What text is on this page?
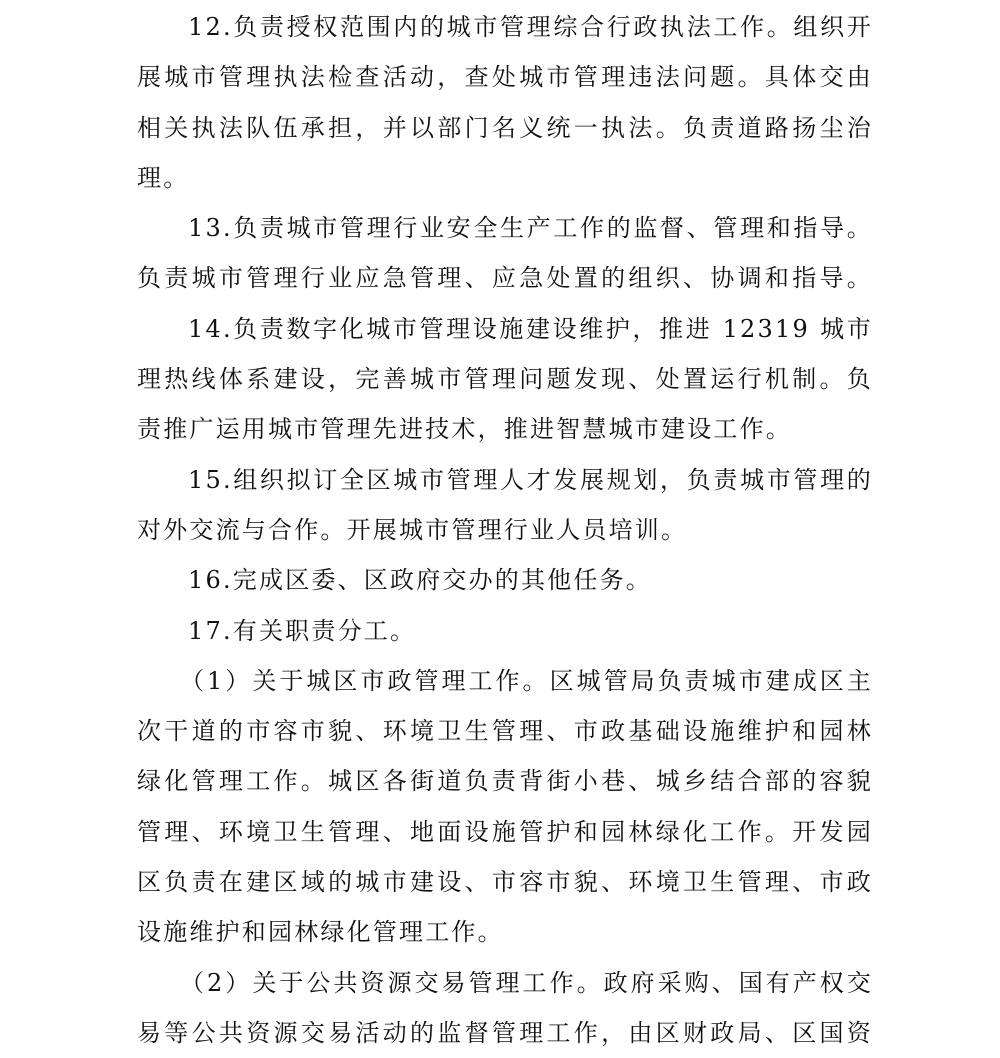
12.负责授权范围内的城市管理综合行政执法工作。组织开
展城市管理执法检查活动，查处城市管理违法问题。具体交由
相关执法队伍承担，并以部门名义统一执法。负责道路扬尘治
理。
13.负责城市管理行业安全生产工作的监督、管理和指导。
负责城市管理行业应急管理、应急处置的组织、协调和指导。
14.负责数字化城市管理设施建设维护，推进 12319 城市
理热线体系建设，完善城市管理问题发现、处置运行机制。负
责推广运用城市管理先进技术，推进智慧城市建设工作。
15.组织拟订全区城市管理人才发展规划，负责城市管理的
对外交流与合作。开展城市管理行业人员培训。
16.完成区委、区政府交办的其他任务。
17.有关职责分工。
（1）关于城区市政管理工作。区城管局负责城市建成区主
次干道的市容市貌、环境卫生管理、市政基础设施维护和园林
绿化管理工作。城区各街道负责背街小巷、城乡结合部的容貌
管理、环境卫生管理、地面设施管护和园林绿化工作。开发园
区负责在建区域的城市建设、市容市貌、环境卫生管理、市政
设施维护和园林绿化管理工作。
（2）关于公共资源交易管理工作。政府采购、国有产权交
易等公共资源交易活动的监督管理工作，由区财政局、区国资
